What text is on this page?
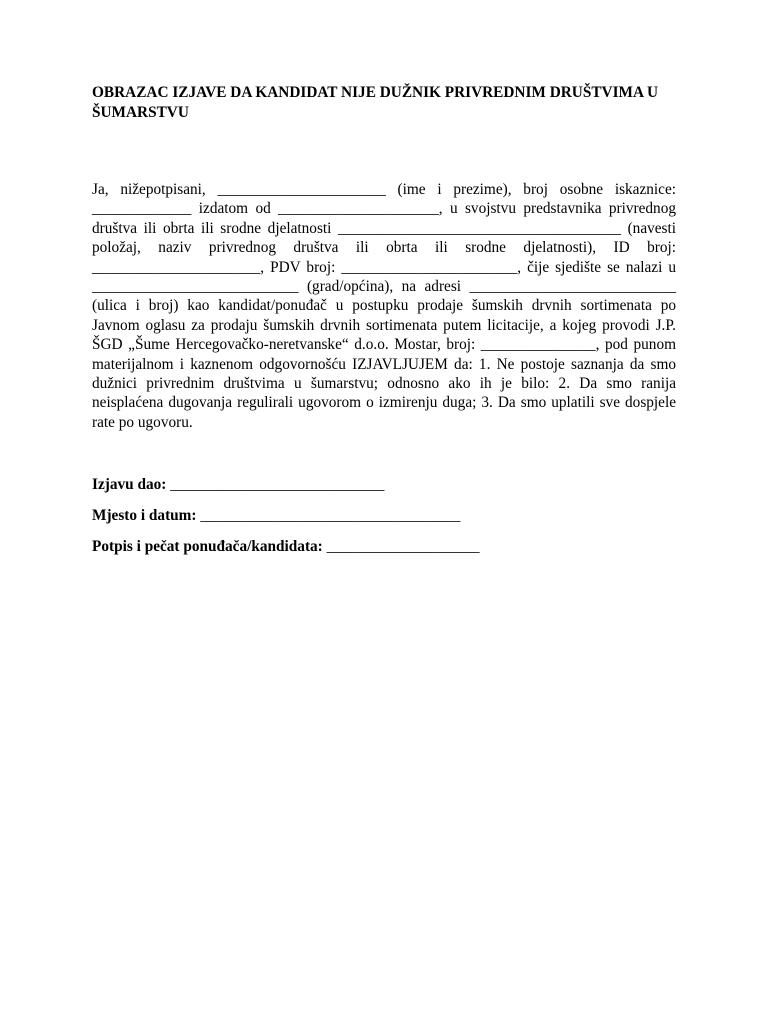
OBRAZAC IZJAVE DA KANDIDAT NIJE DUŽNIK PRIVREDNIM DRUŠTVIMA U
ŠUMARSTVU
Ja, nižepotpisani, ______________________ (ime i prezime), broj osobne iskaznice:
_____________ izdatom od _____________________, u svojstvu predstavnika privrednog
društva ili obrta ili srodne djelatnosti _____________________________________ (navesti
položaj, naziv privrednog društva ili obrta ili srodne djelatnosti), ID broj:
______________________, PDV broj: _______________________, čije sjedište se nalazi u
___________________________ (grad/općina), na adresi ___________________________
(ulica i broj) kao kandidat/ponuđač u postupku prodaje šumskih drvnih sortimenata po
Javnom oglasu za prodaju šumskih drvnih sortimenata putem licitacije, a kojeg provodi J.P.
ŠGD „Šume Hercegovačko-neretvanske“ d.o.o. Mostar, broj: _______________, pod punom
materijalnom i kaznenom odgovornošću IZJAVLJUJEM da: 1. Ne postoje saznanja da smo
dužnici privrednim društvima u šumarstvu; odnosno ako ih je bilo: 2. Da smo ranija
neisplaćena dugovanja regulirali ugovorom o izmirenju duga; 3. Da smo uplatili sve dospjele
rate po ugovoru.

Izjavu dao: ____________________________

Mjesto i datum: __________________________________

Potpis i pečat ponuđača/kandidata: ____________________
